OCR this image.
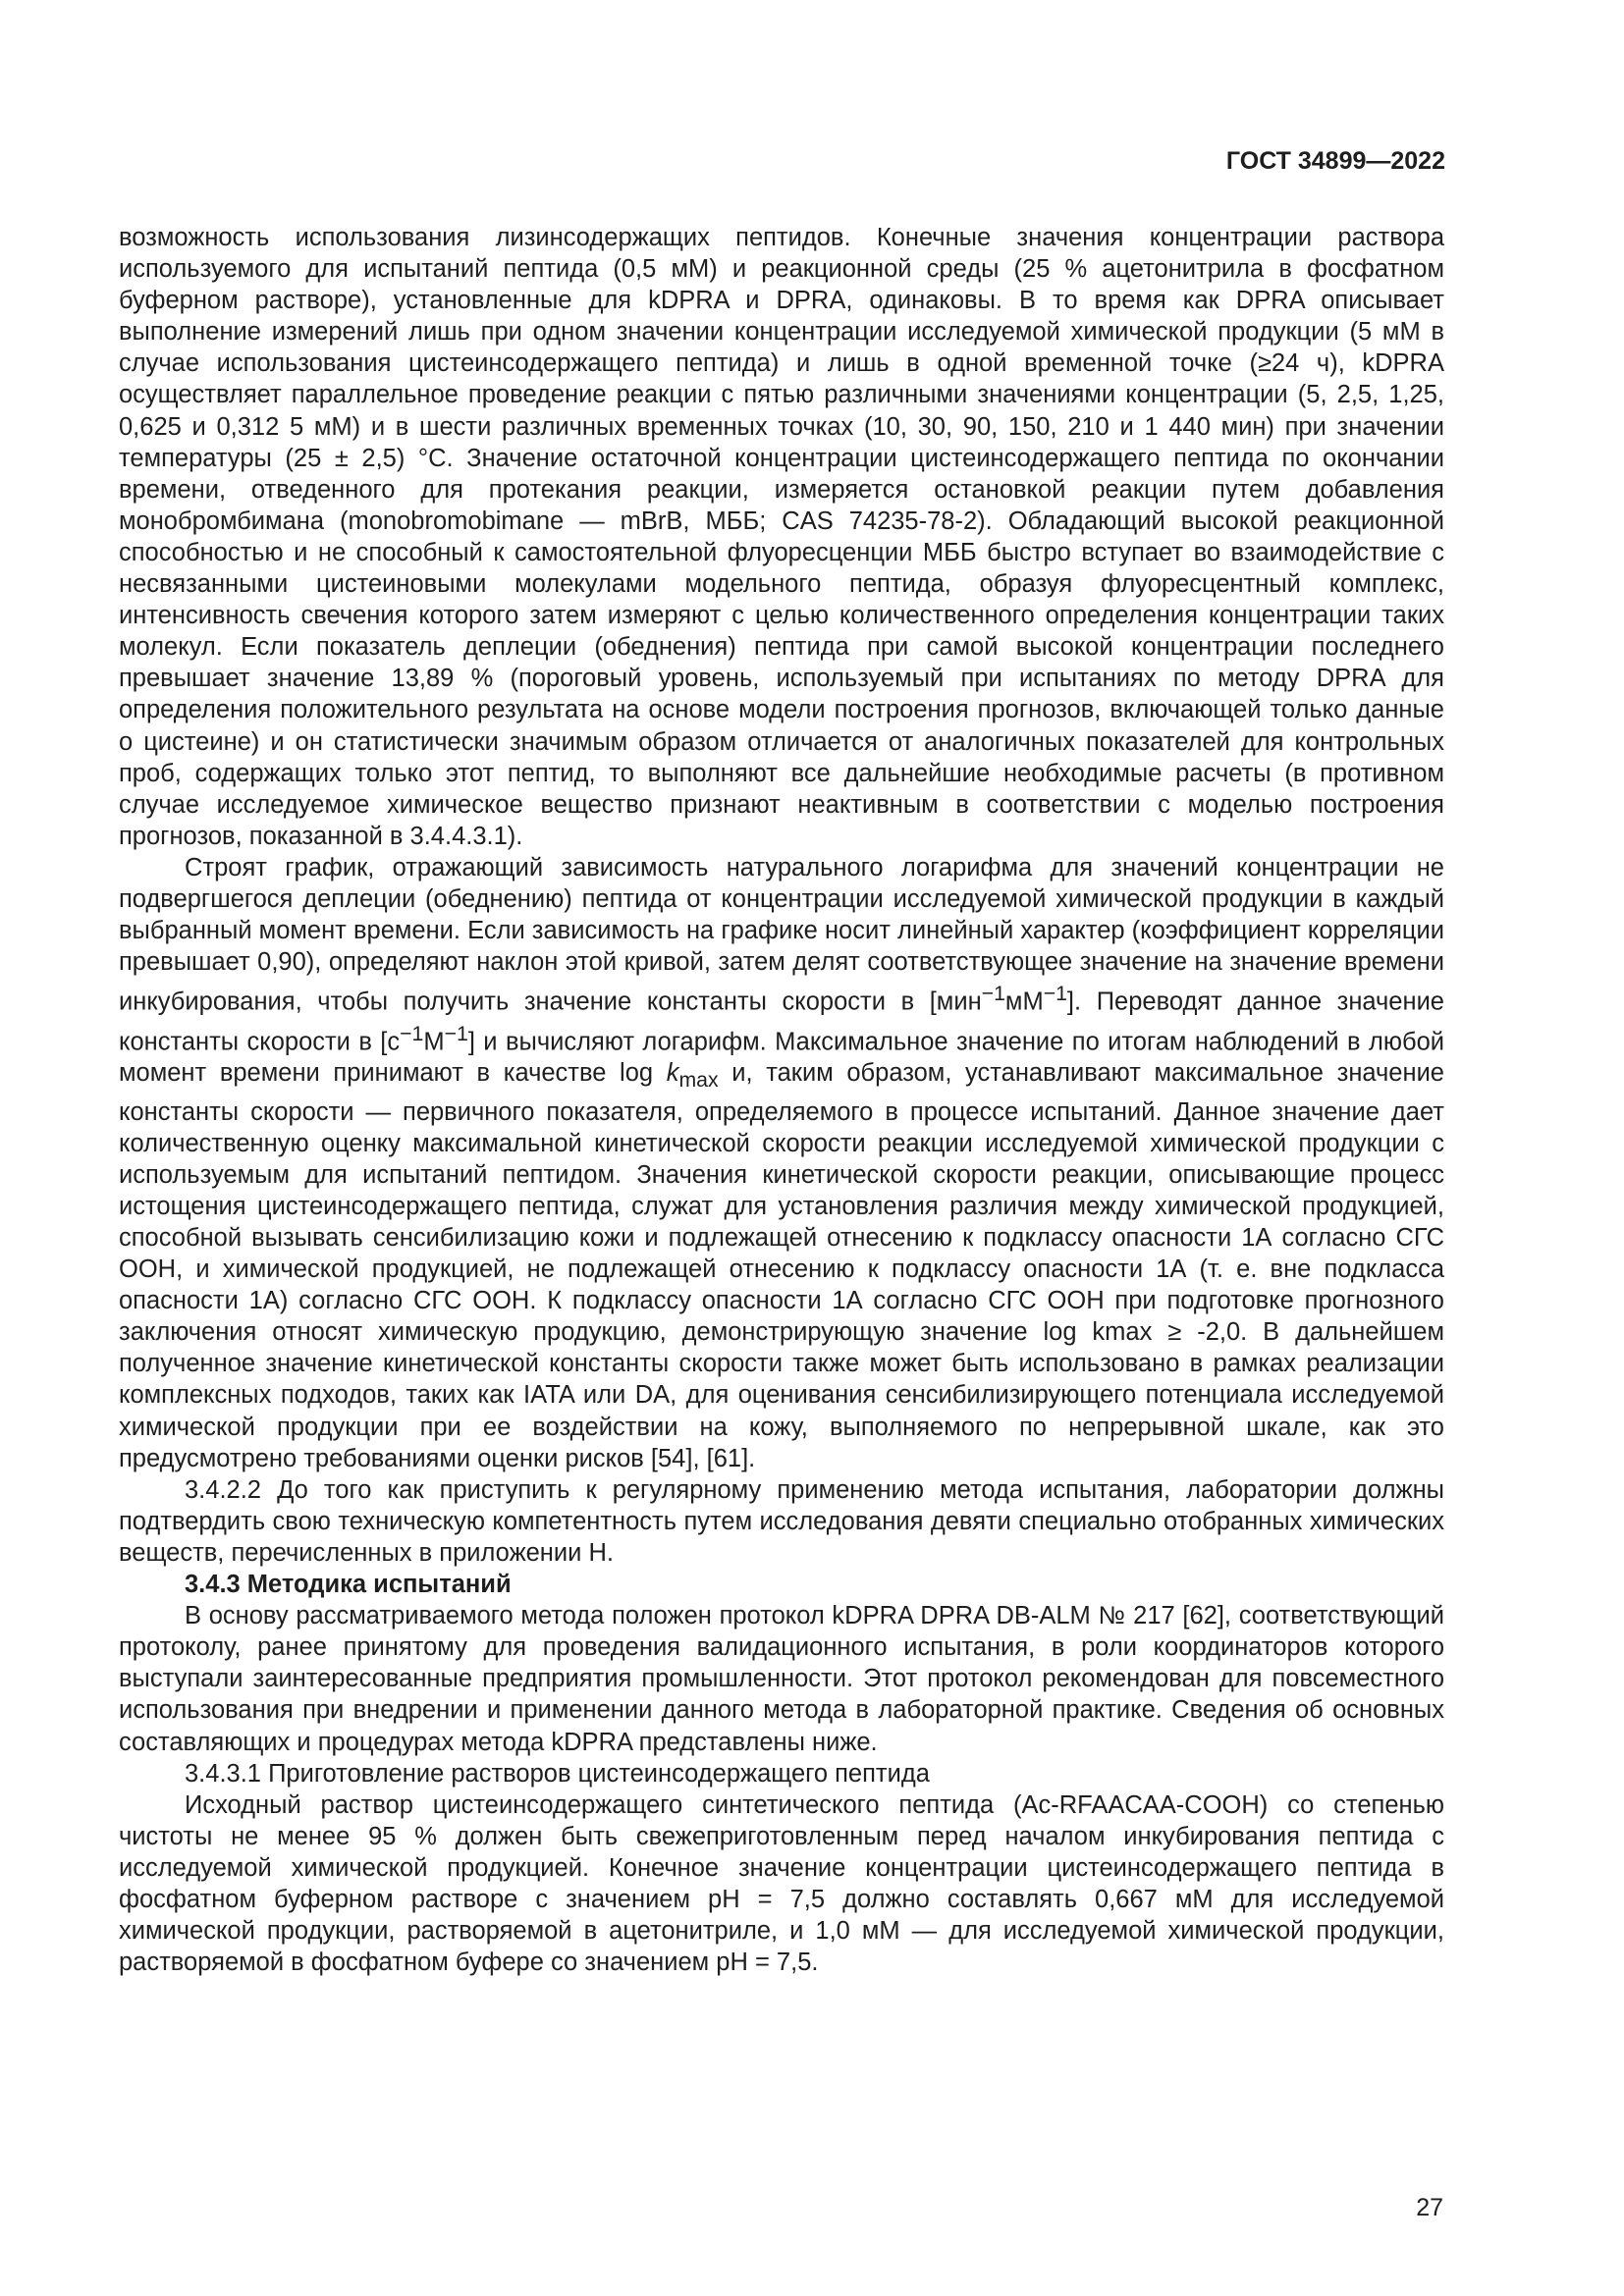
ГОСТ 34899—2022

возможность использования лизинсодержащих пептидов. Конечные значения концентрации раствора используемого для испытаний пептида (0,5 мМ) и реакционной среды (25 % ацетонитрила в фосфатном буферном растворе), установленные для kDPRA и DPRA, одинаковы. В то время как DPRA описывает выполнение измерений лишь при одном значении концентрации исследуемой химической продукции (5 мМ в случае использования цистеинсодержащего пептида) и лишь в одной временной точке (≥24 ч), kDPRA осуществляет параллельное проведение реакции с пятью различными значениями концентрации (5, 2,5, 1,25, 0,625 и 0,312 5 мМ) и в шести различных временных точках (10, 30, 90, 150, 210 и 1 440 мин) при значении температуры (25 ± 2,5) °С. Значение остаточной концентрации цистеинсодержащего пептида по окончании времени, отведенного для протекания реакции, измеряется остановкой реакции путем добавления монобромбимана (monobromobimane — mBrB, МББ; CAS 74235-78-2). Обладающий высокой реакционной способностью и не способный к самостоятельной флуоресценции МББ быстро вступает во взаимодействие с несвязанными цистеиновыми молекулами модельного пептида, образуя флуоресцентный комплекс, интенсивность свечения которого затем измеряют с целью количественного определения концентрации таких молекул. Если показатель деплеции (обеднения) пептида при самой высокой концентрации последнего превышает значение 13,89 % (пороговый уровень, используемый при испытаниях по методу DPRA для определения положительного результата на основе модели построения прогнозов, включающей только данные о цистеине) и он статистически значимым образом отличается от аналогичных показателей для контрольных проб, содержащих только этот пептид, то выполняют все дальнейшие необходимые расчеты (в противном случае исследуемое химическое вещество признают неактивным в соответствии с моделью построения прогнозов, показанной в 3.4.4.3.1).

Строят график, отражающий зависимость натурального логарифма для значений концентрации не подвергшегося деплеции (обеднению) пептида от концентрации исследуемой химической продукции в каждый выбранный момент времени. Если зависимость на графике носит линейный характер (коэффициент корреляции превышает 0,90), определяют наклон этой кривой, затем делят соответствующее значение на значение времени инкубирования, чтобы получить значение константы скорости в $[мин^{-1}мМ^{-1}]$. Переводят данное значение константы скорости в $[с^{-1}М^{-1}]$ и вычисляют логарифм. Максимальное значение по итогам наблюдений в любой момент времени принимают в качестве $\log k_{max}$ и, таким образом, устанавливают максимальное значение константы скорости — первичного показателя, определяемого в процессе испытаний. Данное значение дает количественную оценку максимальной кинетической скорости реакции исследуемой химической продукции с используемым для испытаний пептидом. Значения кинетической скорости реакции, описывающие процесс истощения цистеинсодержащего пептида, служат для установления различия между химической продукцией, способной вызывать сенсибилизацию кожи и подлежащей отнесению к подклассу опасности 1А согласно СГС ООН, и химической продукцией, не подлежащей отнесению к подклассу опасности 1А (т. е. вне подкласса опасности 1А) согласно СГС ООН. К подклассу опасности 1А согласно СГС ООН при подготовке прогнозного заключения относят химическую продукцию, демонстрирующую значение log kmax ≥ -2,0. В дальнейшем полученное значение кинетической константы скорости также может быть использовано в рамках реализации комплексных подходов, таких как IATA или DA, для оценивания сенсибилизирующего потенциала исследуемой химической продукции при ее воздействии на кожу, выполняемого по непрерывной шкале, как это предусмотрено требованиями оценки рисков [54], [61].

3.4.2.2 До того как приступить к регулярному применению метода испытания, лаборатории должны подтвердить свою техническую компетентность путем исследования девяти специально отобранных химических веществ, перечисленных в приложении Н.

3.4.3 Методика испытаний

В основу рассматриваемого метода положен протокол kDPRA DPRA DB-ALM № 217 [62], соответствующий протоколу, ранее принятому для проведения валидационного испытания, в роли координаторов которого выступали заинтересованные предприятия промышленности. Этот протокол рекомендован для повсеместного использования при внедрении и применении данного метода в лабораторной практике. Сведения об основных составляющих и процедурах метода kDPRA представлены ниже.

3.4.3.1 Приготовление растворов цистеинсодержащего пептида

Исходный раствор цистеинсодержащего синтетического пептида (Ac-RFAACAA-COOH) со степенью чистоты не менее 95 % должен быть свежеприготовленным перед началом инкубирования пептида с исследуемой химической продукцией. Конечное значение концентрации цистеинсодержащего пептида в фосфатном буферном растворе с значением pH = 7,5 должно составлять 0,667 мМ для исследуемой химической продукции, растворяемой в ацетонитриле, и 1,0 мМ — для исследуемой химической продукции, растворяемой в фосфатном буфере со значением pH = 7,5.

27
